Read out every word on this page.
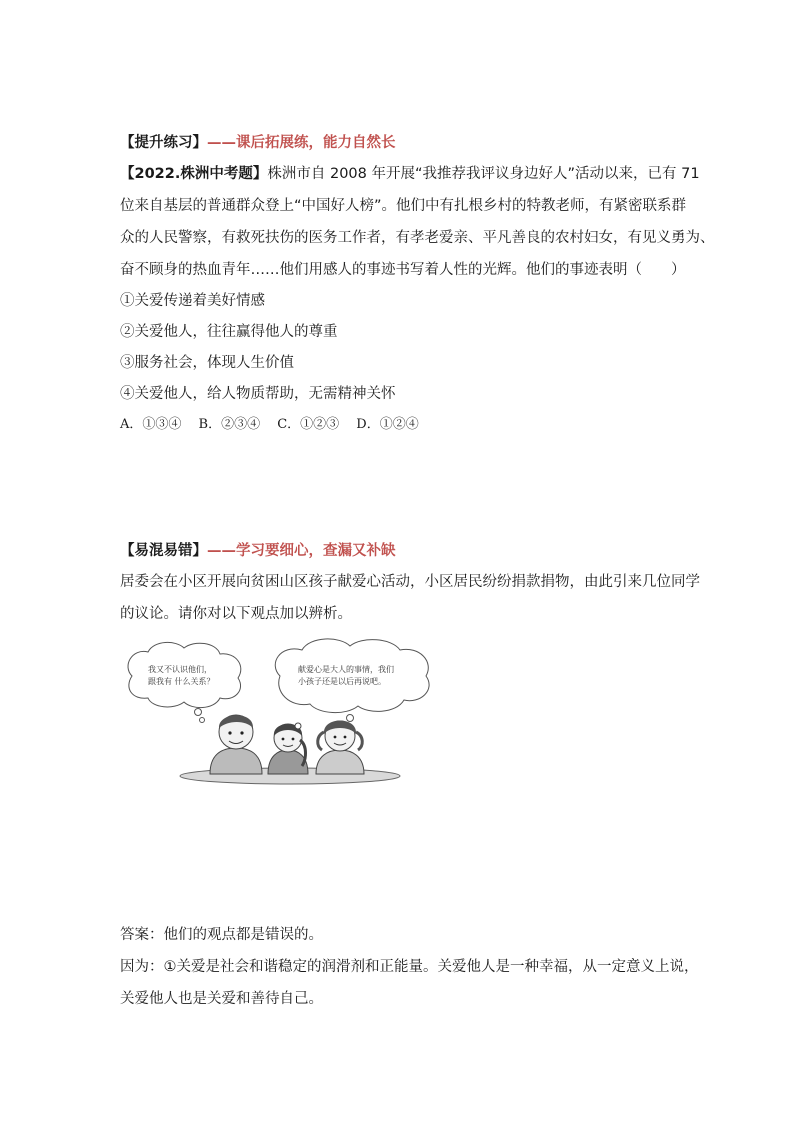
【提升练习】——课后拓展练，能力自然长
【2022.株洲中考题】株洲市自 2008 年开展“我推荐我评议身边好人”活动以来，已有 71
位来自基层的普通群众登上“中国好人榜”。他们中有扎根乡村的特教老师，有紧密联系群
众的人民警察，有救死扶伤的医务工作者，有孝老爱亲、平凡善良的农村妇女，有见义勇为、
奋不顾身的热血青年……他们用感人的事迹书写着人性的光辉。他们的事迹表明（　　）
①关爱传递着美好情感
②关爱他人，往往赢得他人的尊重
③服务社会，体现人生价值
④关爱他人，给人物质帮助，无需精神关怀
A．①③④　 B．②③④　 C．①②③　 D．①②④
【易混易错】——学习要细心，查漏又补缺
居委会在小区开展向贫困山区孩子献爱心活动，小区居民纷纷捐款捐物，由此引来几位同学
的议论。请你对以下观点加以辨析。
我又不认识他们，
跟我有 什么关系？
献爱心是大人的事情，我们
小孩子还是以后再说吧。
答案：他们的观点都是错误的。
因为：①关爱是社会和谐稳定的润滑剂和正能量。关爱他人是一种幸福，从一定意义上说，
关爱他人也是关爱和善待自己。
